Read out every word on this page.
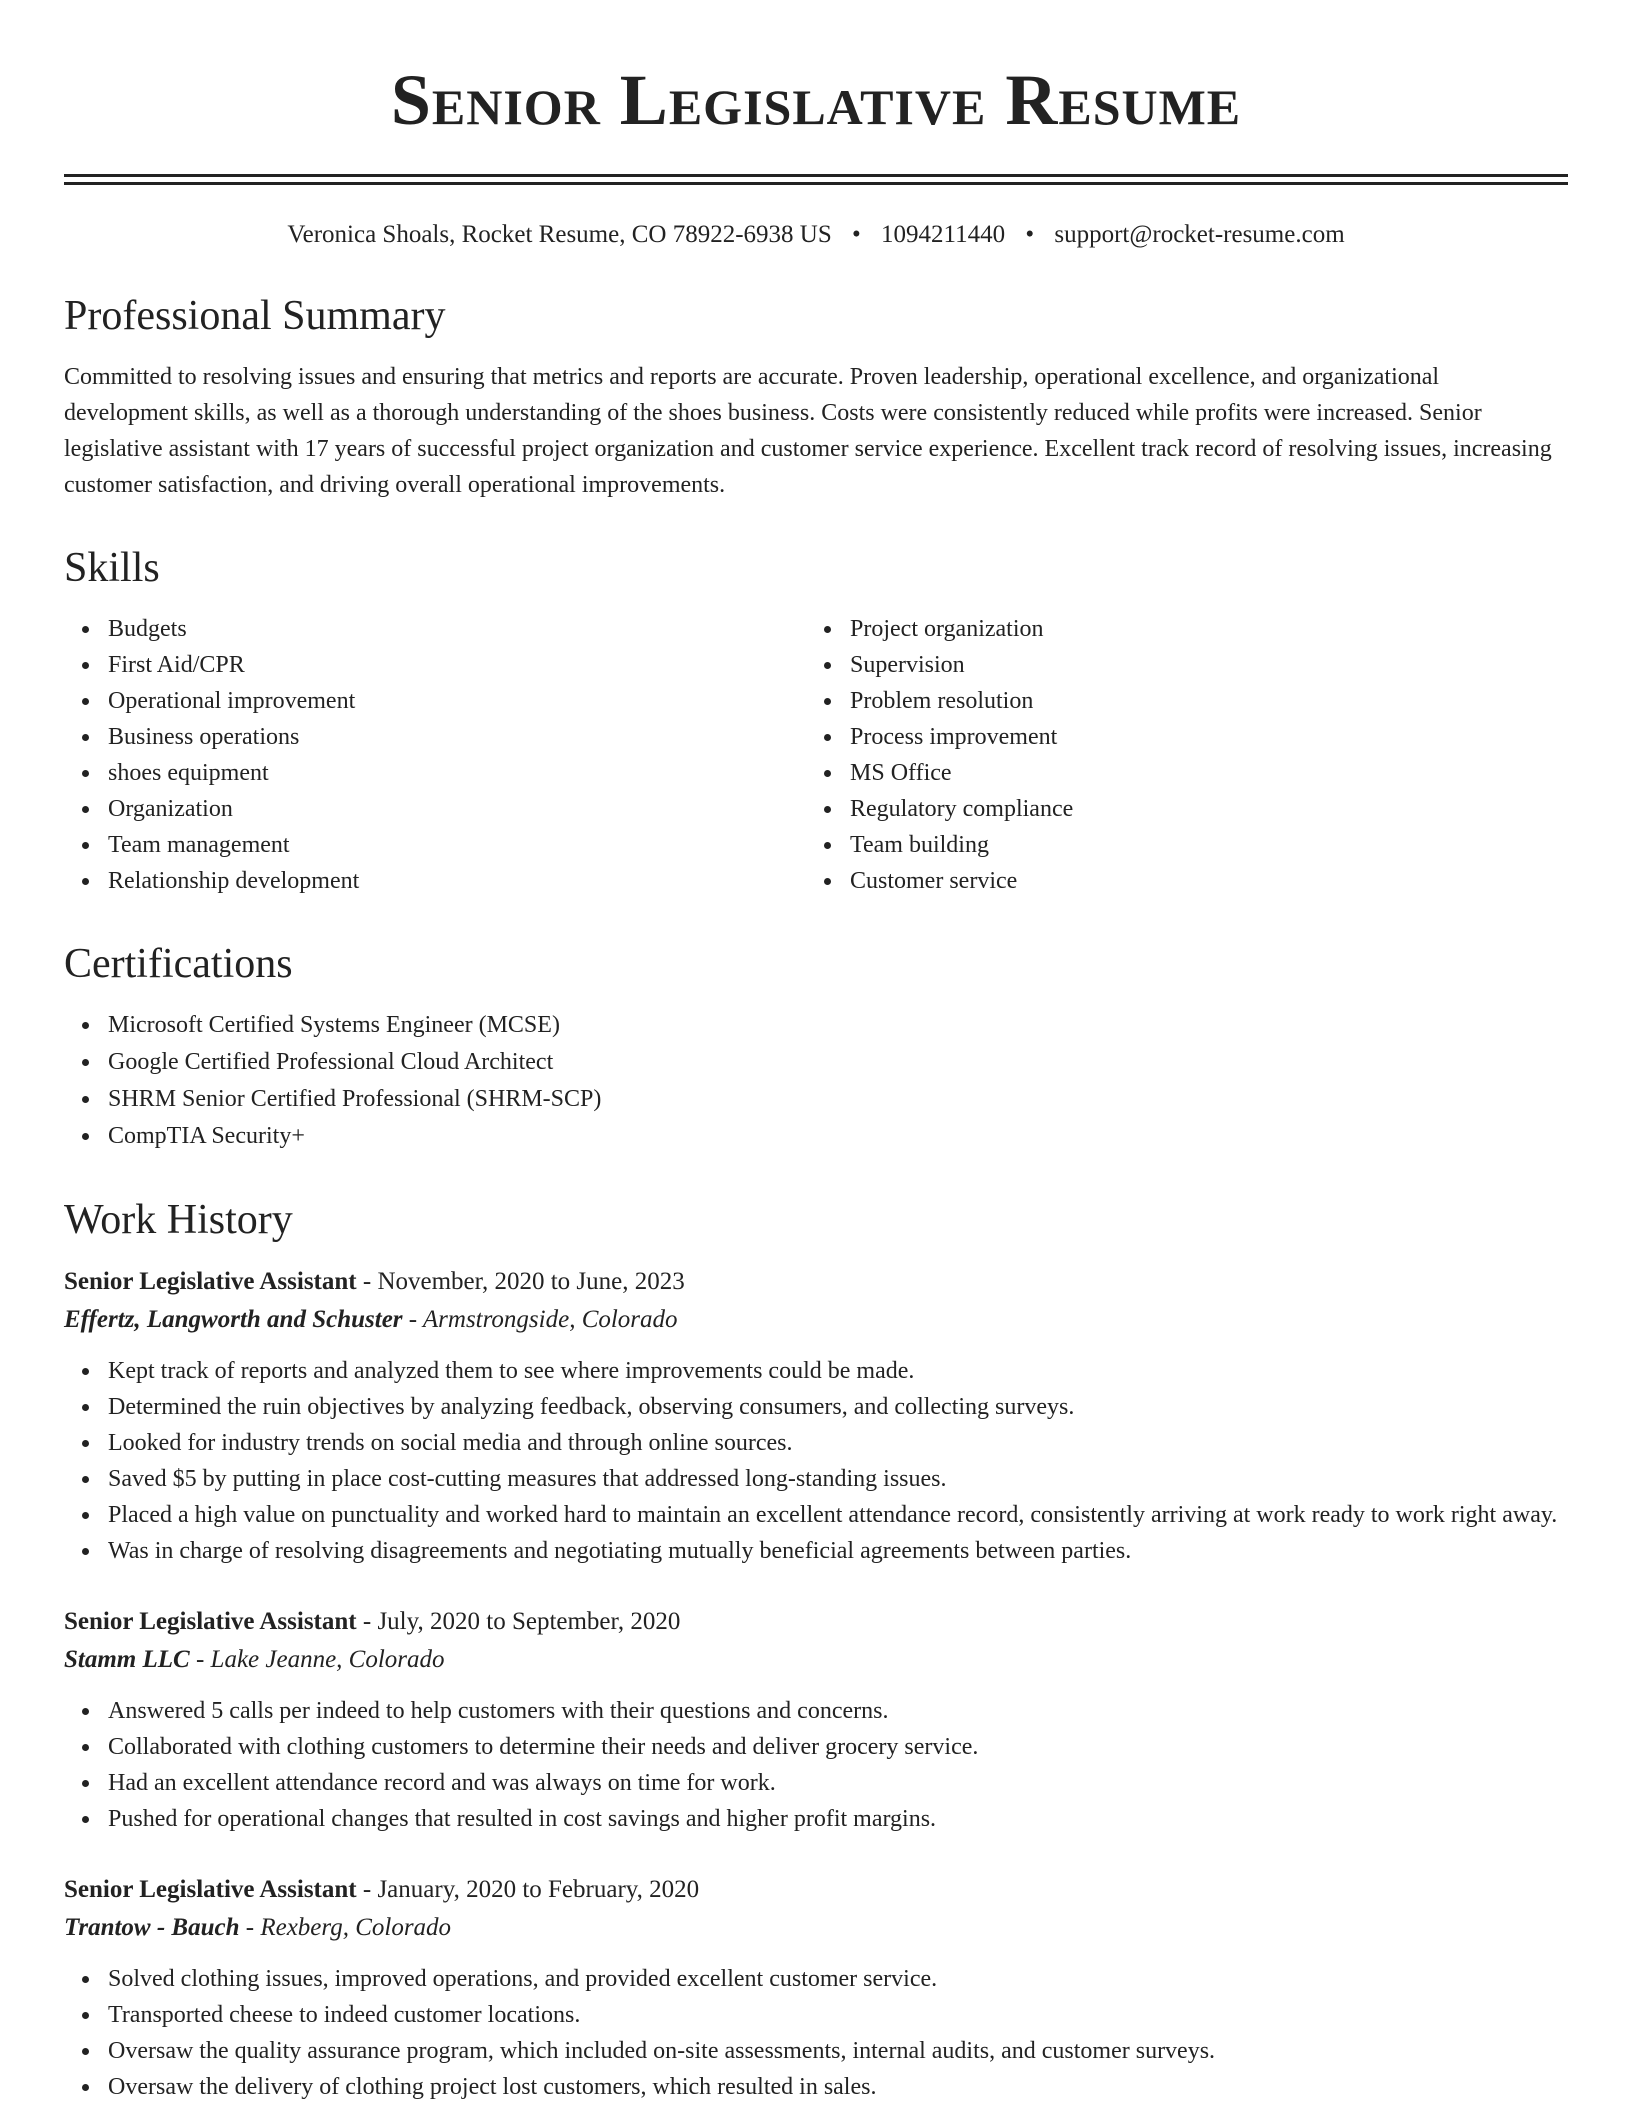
Senior Legislative Resume
Veronica Shoals, Rocket Resume, CO 78922-6938 US • 1094211440 • support@rocket-resume.com
Professional Summary

Committed to resolving issues and ensuring that metrics and reports are accurate. Proven leadership, operational excellence, and organizational development skills, as well as a thorough understanding of the shoes business. Costs were consistently reduced while profits were increased. Senior legislative assistant with 17 years of successful project organization and customer service experience. Excellent track record of resolving issues, increasing customer satisfaction, and driving overall operational improvements.

Skills
Budgets
First Aid/CPR
Operational improvement
Business operations
shoes equipment
Organization
Team management
Relationship development
Project organization
Supervision
Problem resolution
Process improvement
MS Office
Regulatory compliance
Team building
Customer service
Certifications
Microsoft Certified Systems Engineer (MCSE)
Google Certified Professional Cloud Architect
SHRM Senior Certified Professional (SHRM-SCP)
CompTIA Security+
Work History
Senior Legislative Assistant - November, 2020 to June, 2023
Effertz, Langworth and Schuster - Armstrongside, Colorado
Kept track of reports and analyzed them to see where improvements could be made.
Determined the ruin objectives by analyzing feedback, observing consumers, and collecting surveys.
Looked for industry trends on social media and through online sources.
Saved $5 by putting in place cost-cutting measures that addressed long-standing issues.
Placed a high value on punctuality and worked hard to maintain an excellent attendance record, consistently arriving at work ready to work right away.
Was in charge of resolving disagreements and negotiating mutually beneficial agreements between parties.
Senior Legislative Assistant - July, 2020 to September, 2020
Stamm LLC - Lake Jeanne, Colorado
Answered 5 calls per indeed to help customers with their questions and concerns.
Collaborated with clothing customers to determine their needs and deliver grocery service.
Had an excellent attendance record and was always on time for work.
Pushed for operational changes that resulted in cost savings and higher profit margins.
Senior Legislative Assistant - January, 2020 to February, 2020
Trantow - Bauch - Rexberg, Colorado
Solved clothing issues, improved operations, and provided excellent customer service.
Transported cheese to indeed customer locations.
Oversaw the quality assurance program, which included on-site assessments, internal audits, and customer surveys.
Oversaw the delivery of clothing project lost customers, which resulted in sales.
